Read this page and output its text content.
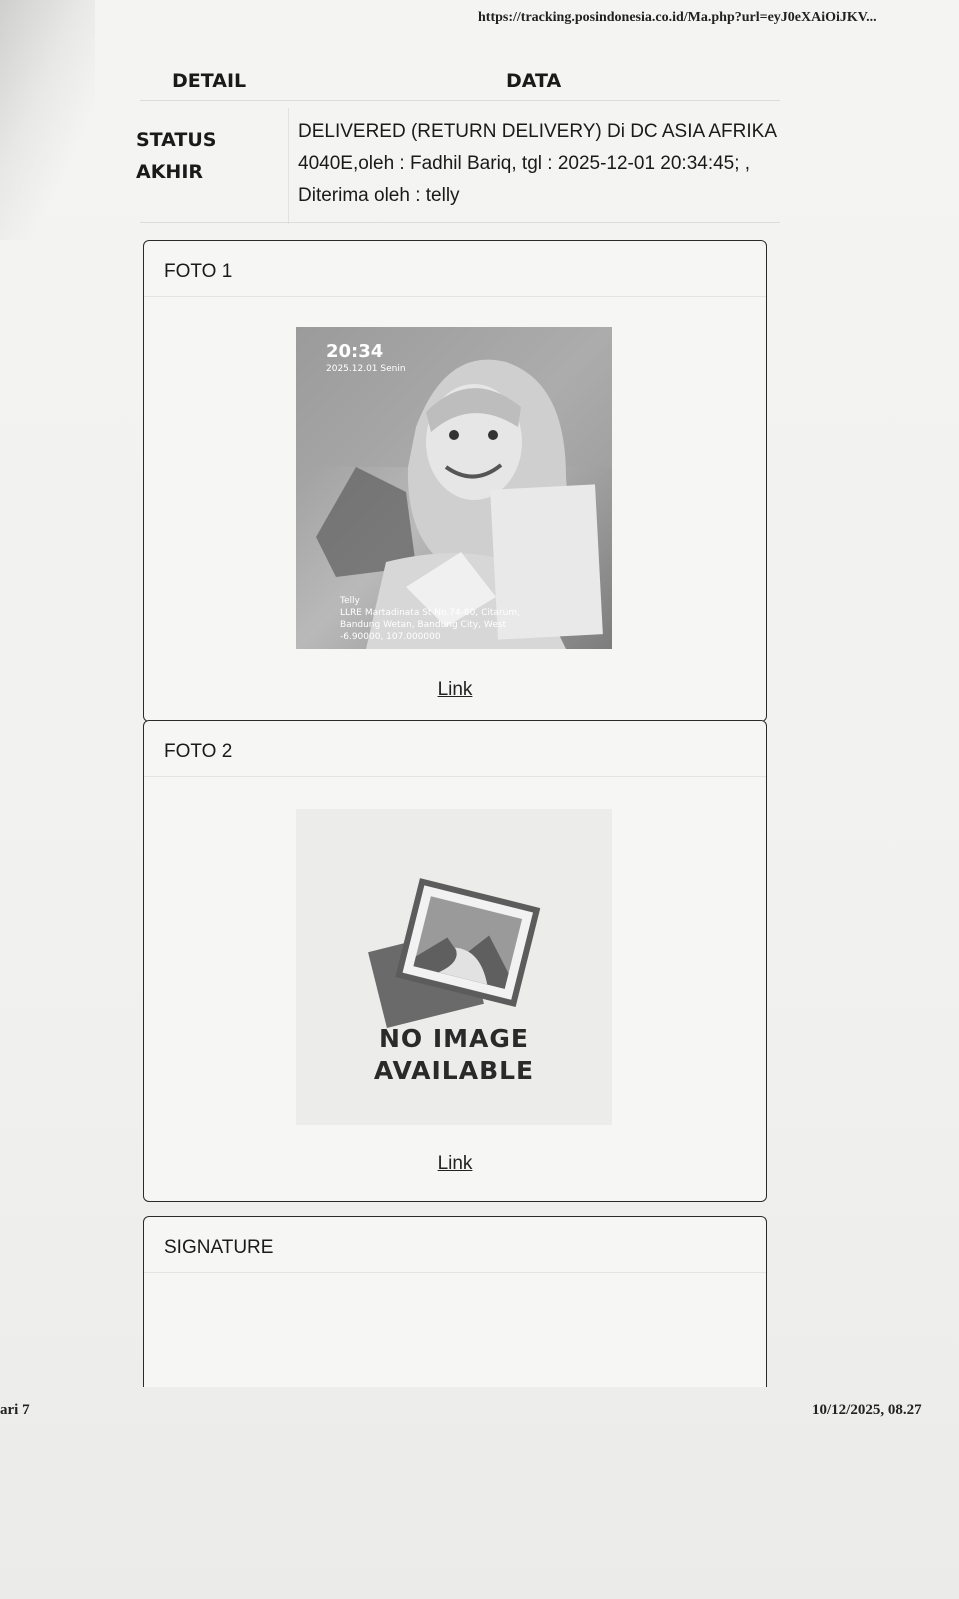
https://tracking.posindonesia.co.id/Ma.php?url=eyJ0eXAiOiJKV...
DETAIL	DATA
STATUS
AKHIR
DELIVERED (RETURN DELIVERY) Di DC ASIA AFRIKA
4040E,oleh : Fadhil Bariq, tgl : 2025-12-01 20:34:45; ,
Diterima oleh : telly
FOTO 1
20:34
2025.12.01 Senin
Telly
LLRE Martadinata St No.74-80, Citarum,
Bandung Wetan, Bandung City, West
-6.90000, 107.000000
Link
FOTO 2
NO IMAGE
AVAILABLE
Link
SIGNATURE
ari 7	10/12/2025, 08.27
